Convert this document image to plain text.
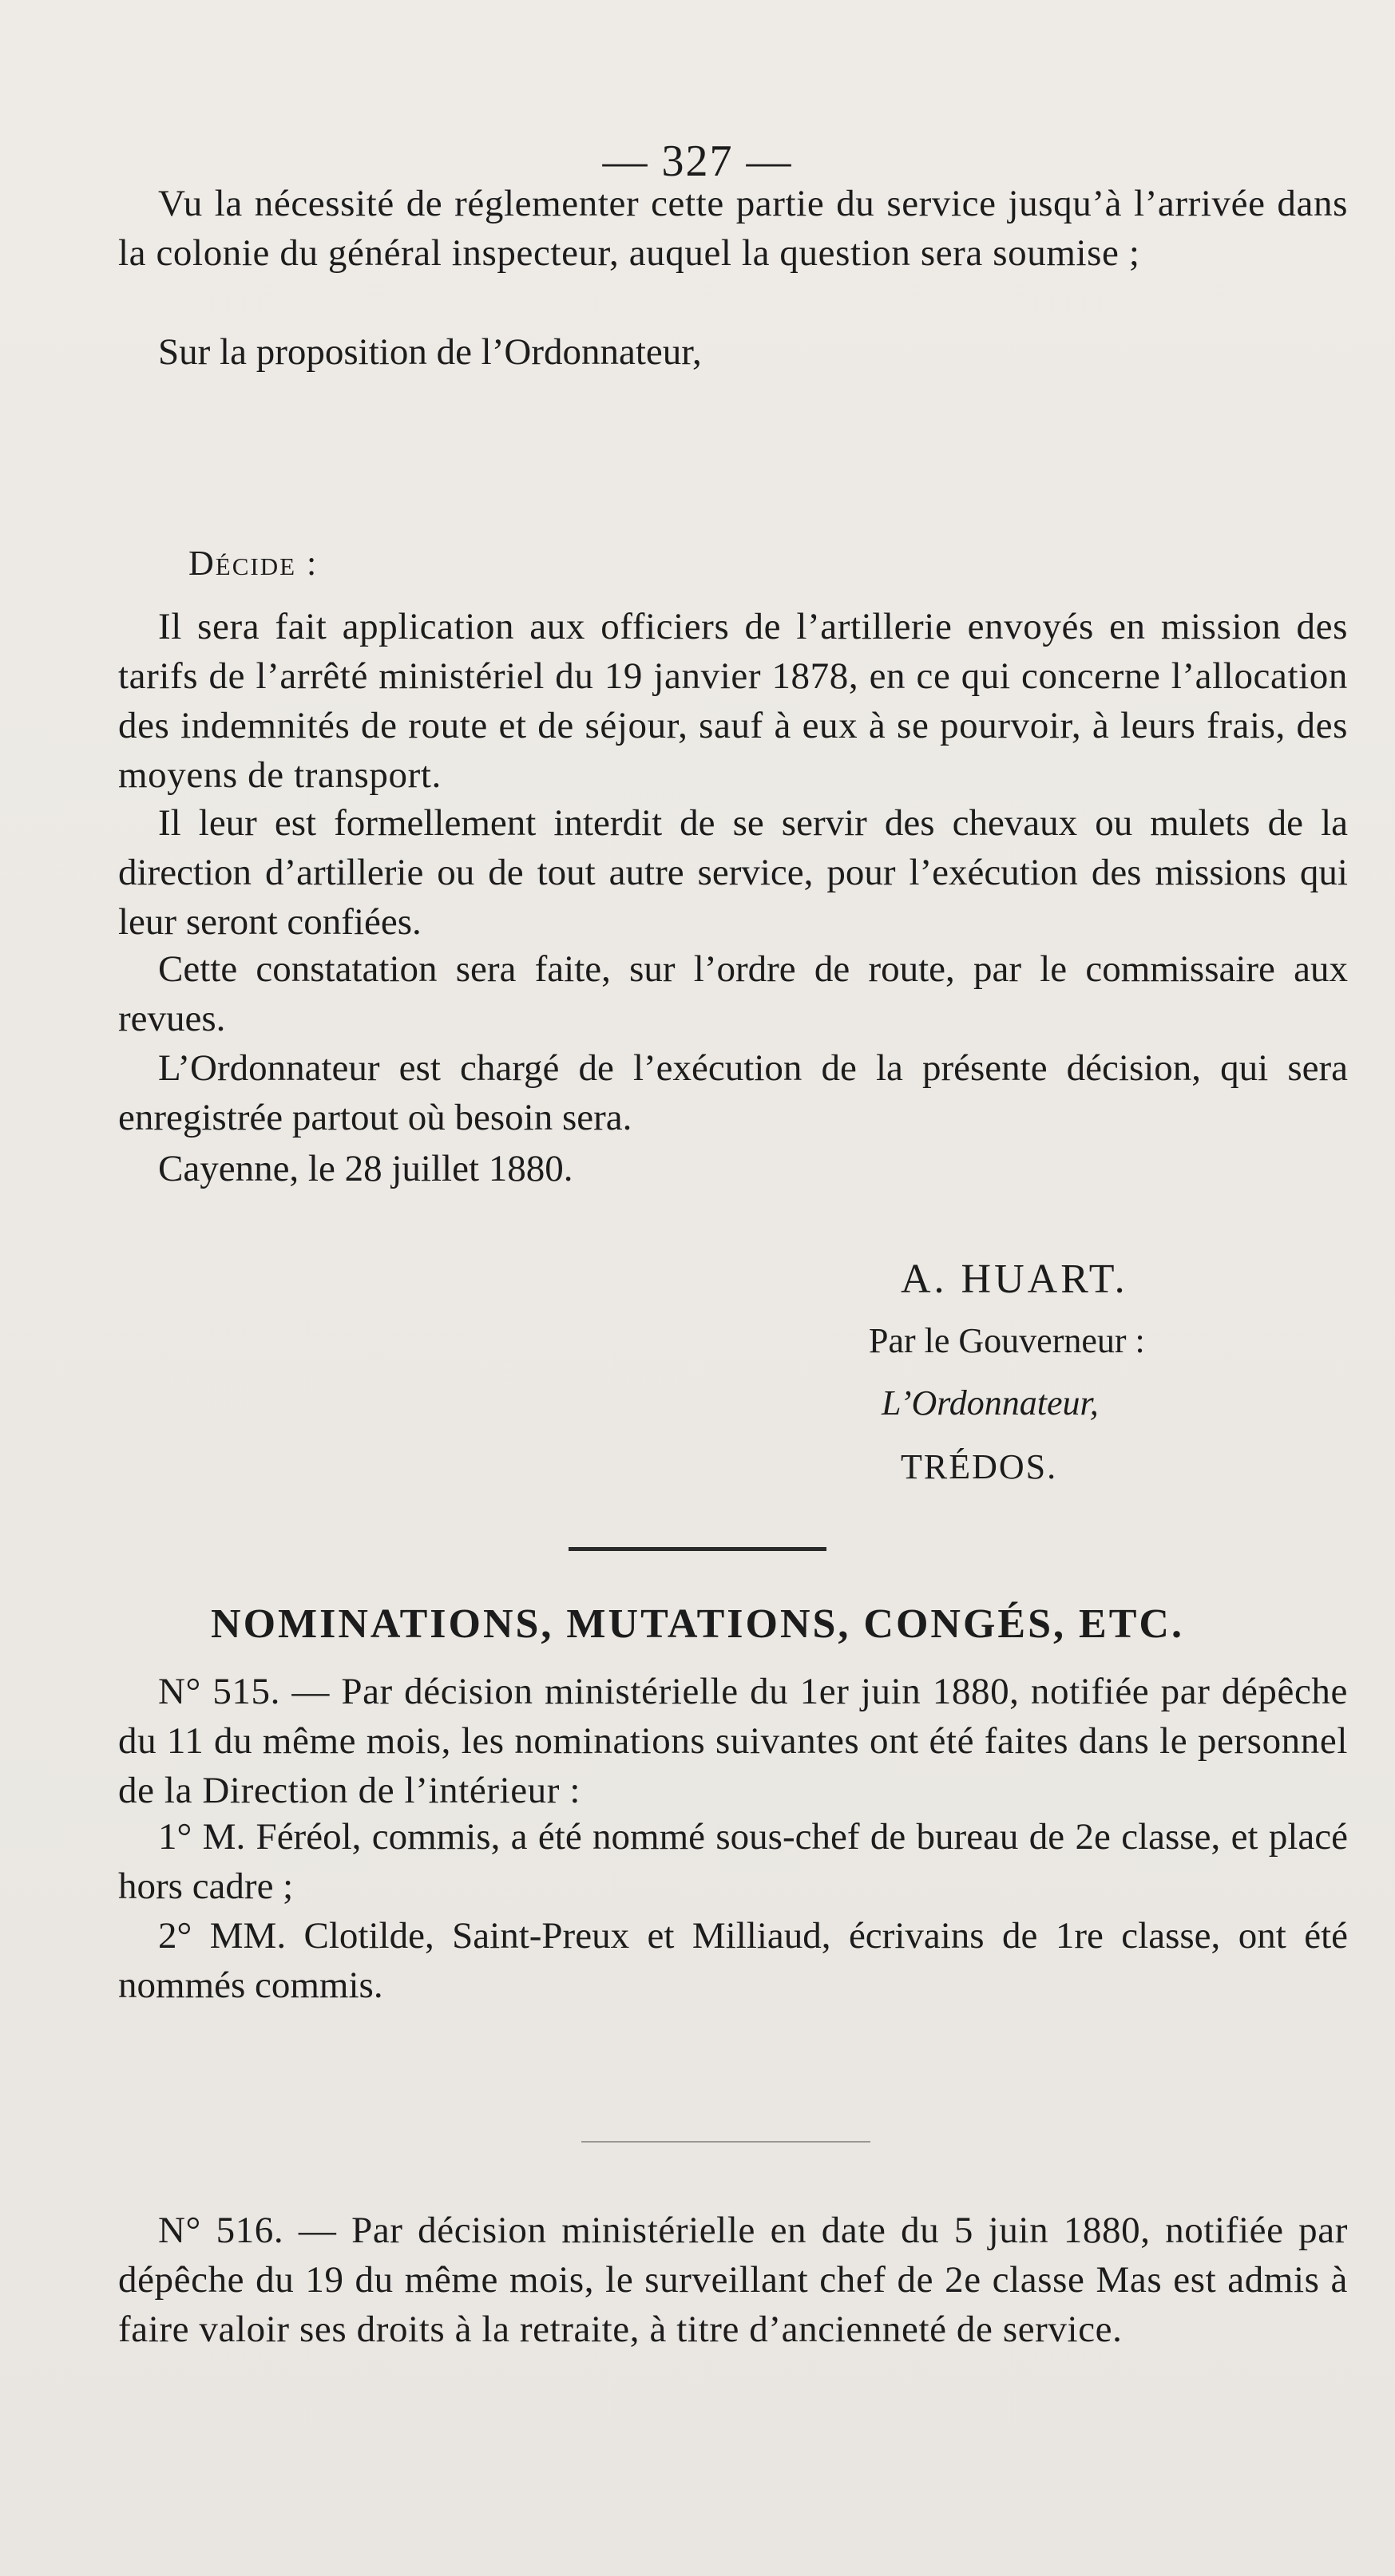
— 327 —

Vu la nécessité de réglementer cette partie du service jusqu’à l’arrivée dans la colonie du général inspecteur, auquel la question sera soumise ;

Sur la proposition de l’Ordonnateur,

Décide :

Il sera fait application aux officiers de l’artillerie envoyés en mission des tarifs de l’arrêté ministériel du 19 janvier 1878, en ce qui concerne l’allocation des indemnités de route et de séjour, sauf à eux à se pourvoir, à leurs frais, des moyens de transport.

Il leur est formellement interdit de se servir des chevaux ou mulets de la direction d’artillerie ou de tout autre service, pour l’exécution des missions qui leur seront confiées.

Cette constatation sera faite, sur l’ordre de route, par le commissaire aux revues.

L’Ordonnateur est chargé de l’exécution de la présente décision, qui sera enregistrée partout où besoin sera.

Cayenne, le 28 juillet 1880.

A. HUART.
Par le Gouverneur :
L’Ordonnateur,
TRÉDOS.
NOMINATIONS, MUTATIONS, CONGÉS, ETC.

N° 515. — Par décision ministérielle du 1er juin 1880, notifiée par dépêche du 11 du même mois, les nominations suivantes ont été faites dans le personnel de la Direction de l’intérieur :

1° M. Féréol, commis, a été nommé sous-chef de bureau de 2e classe, et placé hors cadre ;

2° MM. Clotilde, Saint-Preux et Milliaud, écrivains de 1re classe, ont été nommés commis.

N° 516. — Par décision ministérielle en date du 5 juin 1880, notifiée par dépêche du 19 du même mois, le surveillant chef de 2e classe Mas est admis à faire valoir ses droits à la retraite, à titre d’ancienneté de service.
